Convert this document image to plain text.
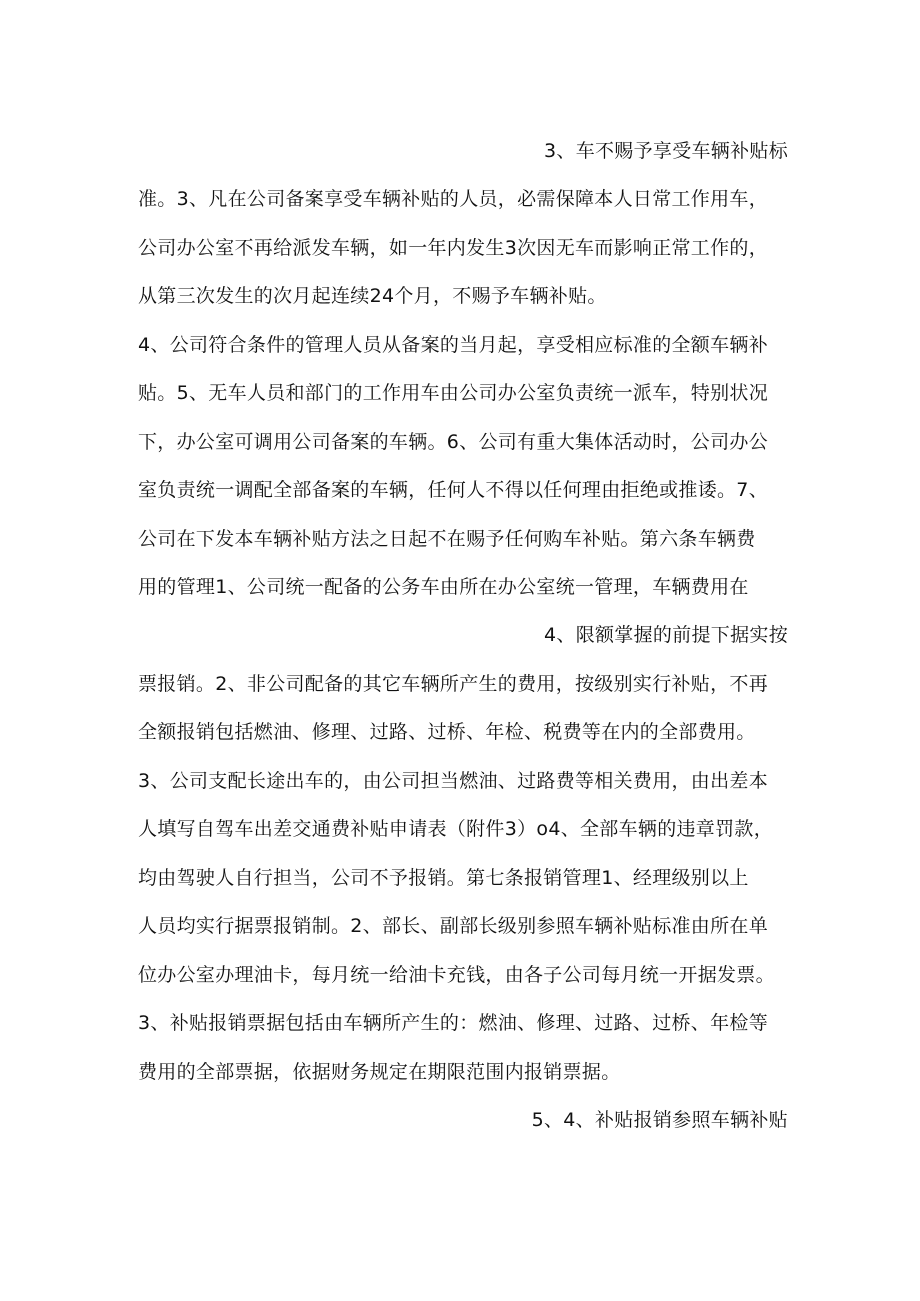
3、车不赐予享受车辆补贴标
准。3、凡在公司备案享受车辆补贴的人员，必需保障本人日常工作用车，
公司办公室不再给派发车辆，如一年内发生3次因无车而影响正常工作的，
从第三次发生的次月起连续24个月，不赐予车辆补贴。
4、公司符合条件的管理人员从备案的当月起，享受相应标准的全额车辆补
贴。5、无车人员和部门的工作用车由公司办公室负责统一派车，特别状况
下，办公室可调用公司备案的车辆。6、公司有重大集体活动时，公司办公
室负责统一调配全部备案的车辆，任何人不得以任何理由拒绝或推诿。7、
公司在下发本车辆补贴方法之日起不在赐予任何购车补贴。第六条车辆费
用的管理1、公司统一配备的公务车由所在办公室统一管理，车辆费用在
4、限额掌握的前提下据实按
票报销。2、非公司配备的其它车辆所产生的费用，按级别实行补贴，不再
全额报销包括燃油、修理、过路、过桥、年检、税费等在内的全部费用。
3、公司支配长途出车的，由公司担当燃油、过路费等相关费用，由出差本
人填写自驾车出差交通费补贴申请表（附件3）o4、全部车辆的违章罚款，
均由驾驶人自行担当，公司不予报销。第七条报销管理1、经理级别以上
人员均实行据票报销制。2、部长、副部长级别参照车辆补贴标准由所在单
位办公室办理油卡，每月统一给油卡充钱，由各子公司每月统一开据发票。
3、补贴报销票据包括由车辆所产生的：燃油、修理、过路、过桥、年检等
费用的全部票据，依据财务规定在期限范围内报销票据。
5、4、补贴报销参照车辆补贴
